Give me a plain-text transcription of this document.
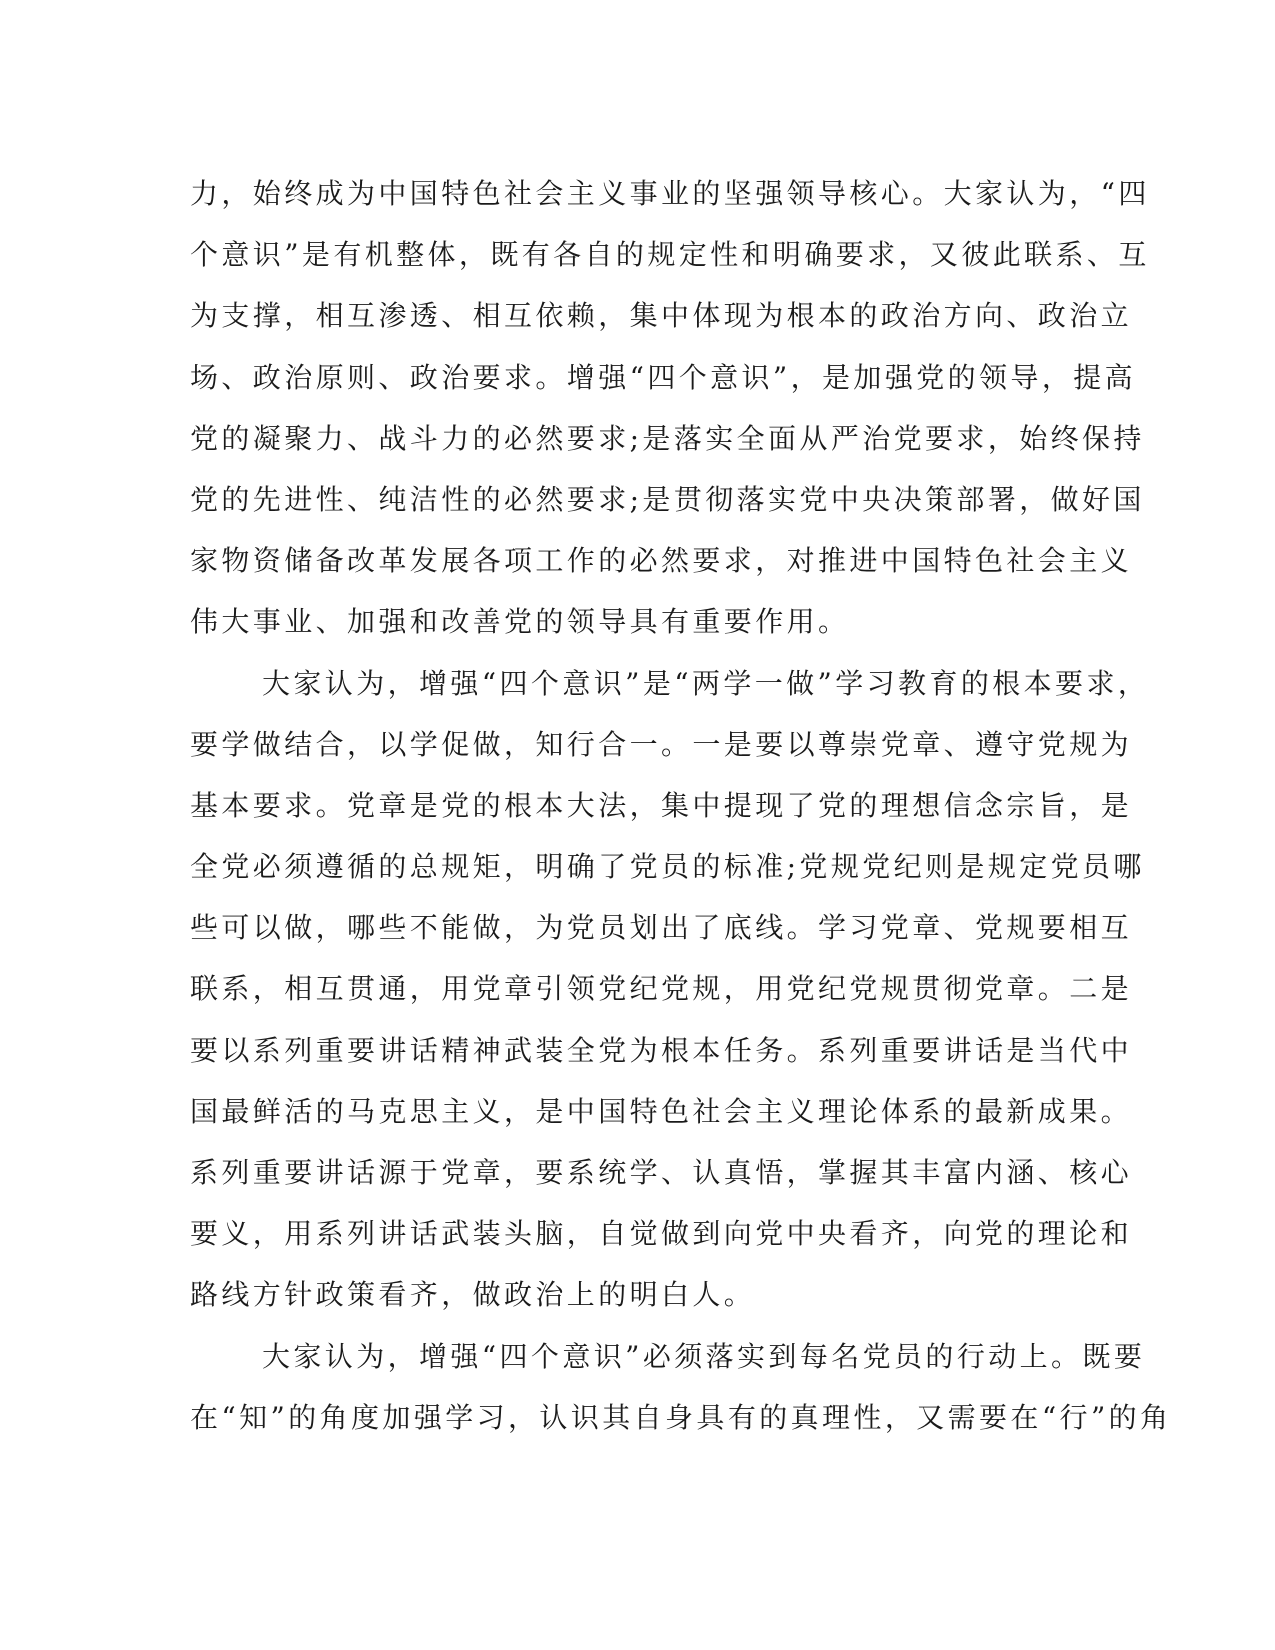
力，始终成为中国特色社会主义事业的坚强领导核心。大家认为，“四
个意识”是有机整体，既有各自的规定性和明确要求，又彼此联系、互
为支撑，相互渗透、相互依赖，集中体现为根本的政治方向、政治立
场、政治原则、政治要求。增强“四个意识”，是加强党的领导，提高
党的凝聚力、战斗力的必然要求;是落实全面从严治党要求，始终保持
党的先进性、纯洁性的必然要求;是贯彻落实党中央决策部署，做好国
家物资储备改革发展各项工作的必然要求，对推进中国特色社会主义
伟大事业、加强和改善党的领导具有重要作用。
大家认为，增强“四个意识”是“两学一做”学习教育的根本要求，
要学做结合，以学促做，知行合一。一是要以尊崇党章、遵守党规为
基本要求。党章是党的根本大法，集中提现了党的理想信念宗旨，是
全党必须遵循的总规矩，明确了党员的标准;党规党纪则是规定党员哪
些可以做，哪些不能做，为党员划出了底线。学习党章、党规要相互
联系，相互贯通，用党章引领党纪党规，用党纪党规贯彻党章。二是
要以系列重要讲话精神武装全党为根本任务。系列重要讲话是当代中
国最鲜活的马克思主义，是中国特色社会主义理论体系的最新成果。
系列重要讲话源于党章，要系统学、认真悟，掌握其丰富内涵、核心
要义，用系列讲话武装头脑，自觉做到向党中央看齐，向党的理论和
路线方针政策看齐，做政治上的明白人。
大家认为，增强“四个意识”必须落实到每名党员的行动上。既要
在“知”的角度加强学习，认识其自身具有的真理性，又需要在“行”的角
